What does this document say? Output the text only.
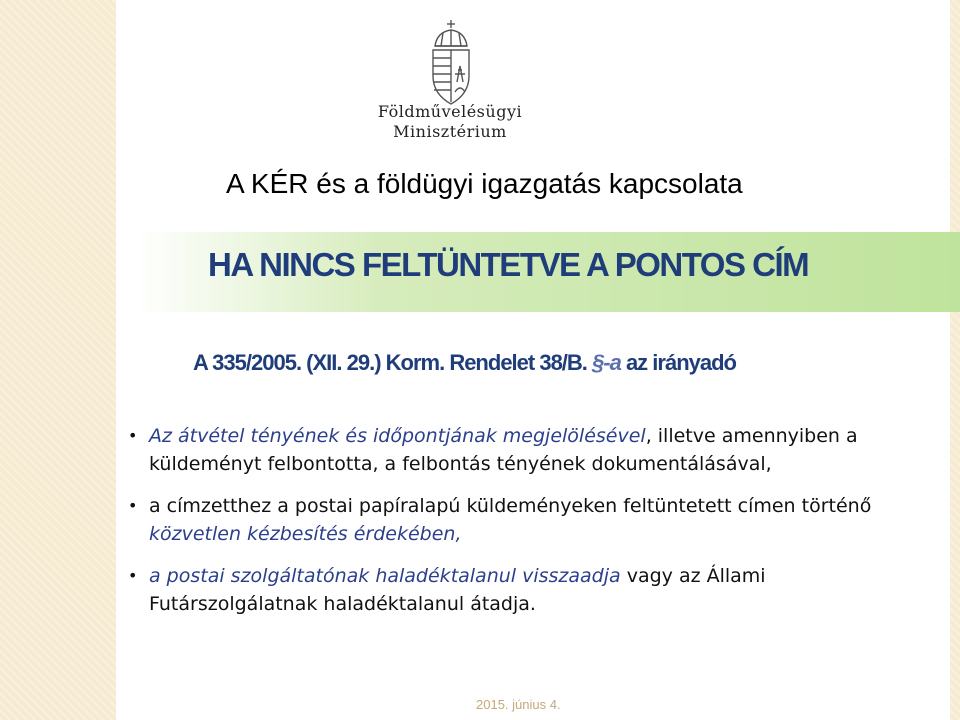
Földművelésügyi
Minisztérium
A KÉR és a földügyi igazgatás kapcsolata
HA NINCS FELTÜNTETVE A PONTOS CÍM
A 335/2005. (XII. 29.) Korm. Rendelet 38/B. §-a az irányadó

• Az átvétel tényének és időpontjának megjelölésével, illetve amennyiben a küldeményt felbontotta, a felbontás tényének dokumentálásával,

• a címzetthez a postai papíralapú küldeményeken feltüntetett címen történő közvetlen kézbesítés érdekében,

• a postai szolgáltatónak haladéktalanul visszaadja vagy az Állami Futárszolgálatnak haladéktalanul átadja.

2015. június 4.
